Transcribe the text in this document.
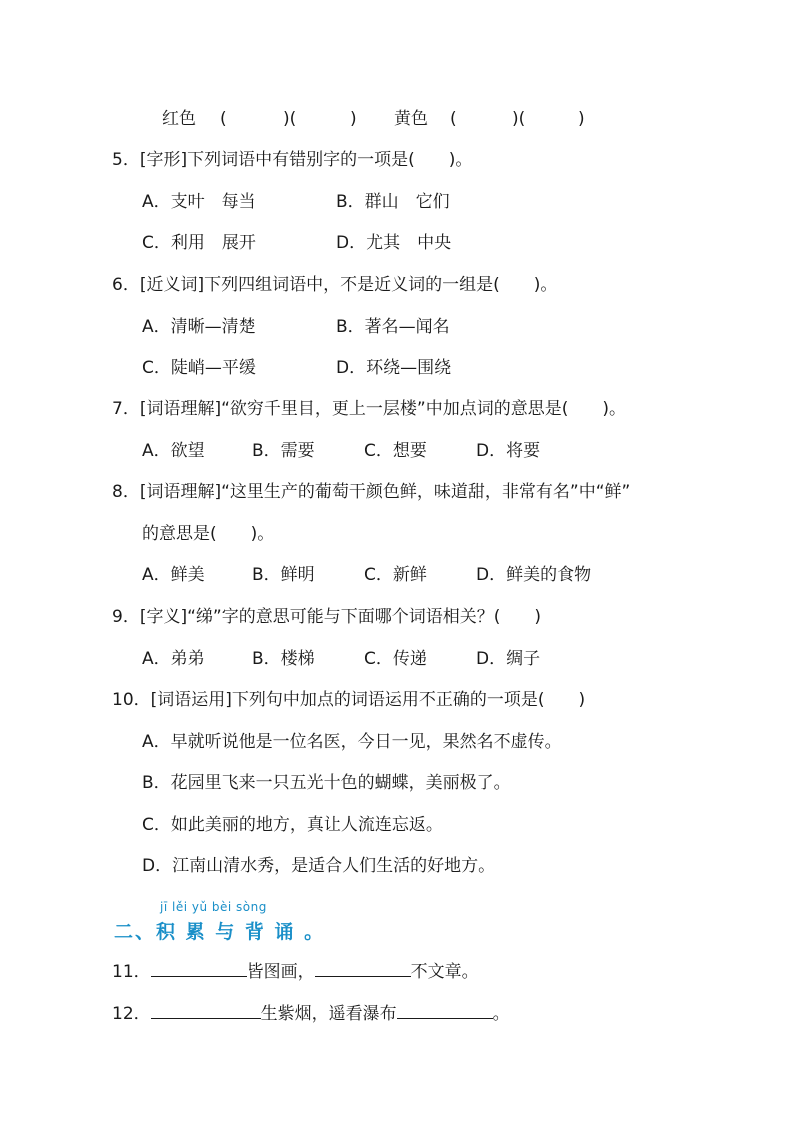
红色 (	)(	) 黄色 (	)(	)
5．[字形]下列词语中有错别字的一项是(　　)。
A．支叶　每当	B．群山　它们
C．利用　展开	D．尤其　中央
6．[近义词]下列四组词语中，不是近义词的一组是(　　)。
A．清晰—清楚	B．著名—闻名
C．陡峭—平缓	D．环绕—围绕
7．[词语理解]“欲穷千里目，更上一层楼”中加点词的意思是(　　)。
A．欲望	B．需要	C．想要	D．将要
8．[词语理解]“这里生产的葡萄干颜色鲜，味道甜，非常有名”中“鲜”
的意思是(　　)。
A．鲜美	B．鲜明	C．新鲜	D．鲜美的食物
9．[字义]“绨”字的意思可能与下面哪个词语相关？(　　)
A．弟弟	B．楼梯	C．传递	D．绸子
10．[词语运用]下列句中加点的词语运用不正确的一项是(　　)
A．早就听说他是一位名医，今日一见，果然名不虚传。
B．花园里飞来一只五光十色的蝴蝶，美丽极了。
C．如此美丽的地方，真让人流连忘返。
D．江南山清水秀，是适合人们生活的好地方。
jī lěi yǔ bèi sòng
二、积 累 与 背 诵 。
11．	皆图画，	不文章。
12．	生紫烟，遥看瀑布	。
